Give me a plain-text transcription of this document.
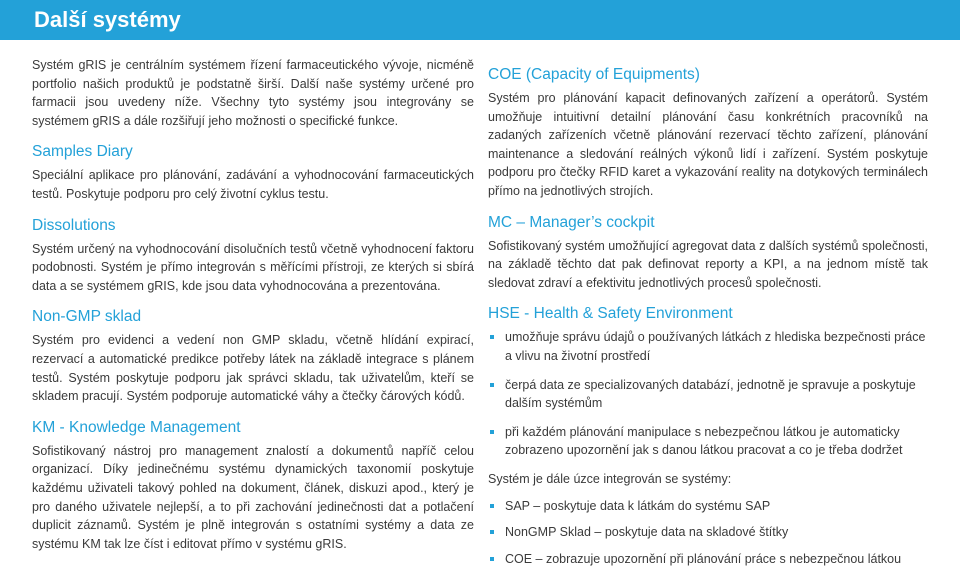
Další systémy

Systém gRIS je centrálním systémem řízení farmaceutického vývoje, nicméně portfolio našich produktů je podstatně širší. Další naše systémy určené pro farmacii jsou uvedeny níže. Všechny tyto systémy jsou integrovány se systémem gRIS a dále rozšiřují jeho možnosti o specifické funkce.

Samples Diary

Speciální aplikace pro plánování, zadávání a vyhodnocování farmaceutických testů. Poskytuje podporu pro celý životní cyklus testu.

Dissolutions

Systém určený na vyhodnocování disolučních testů včetně vyhodnocení faktoru podobnosti. Systém je přímo integrován s měřícími přístroji, ze kterých si sbírá data a se systémem gRIS, kde jsou data vyhodnocována a prezentována.

Non-GMP sklad

Systém pro evidenci a vedení non GMP skladu, včetně hlídání expirací, rezervací a automatické predikce potřeby látek na základě integrace s plánem testů. Systém poskytuje podporu jak správci skladu, tak uživatelům, kteří se skladem pracují. Systém podporuje automatické váhy a čtečky čárových kódů.

KM - Knowledge Management

Sofistikovaný nástroj pro management znalostí a dokumentů napříč celou organizací. Díky jedinečnému systému dynamických taxonomií poskytuje každému uživateli takový pohled na dokument, článek, diskuzi apod., který je pro daného uživatele nejlepší, a to při zachování jedinečnosti dat a potlačení duplicit záznamů. Systém je plně integrován s ostatními systémy a data ze systému KM tak lze číst i editovat přímo v systému gRIS.

COE (Capacity of Equipments)

Systém pro plánování kapacit definovaných zařízení a operátorů. Systém umožňuje intuitivní detailní plánování času konkrétních pracovníků na zadaných zařízeních včetně plánování rezervací těchto zařízení, plánování maintenance a sledování reálných výkonů lidí i zařízení. Systém poskytuje podporu pro čtečky RFID karet a vykazování reality na dotykových terminálech přímo na jednotlivých strojích.

MC – Manager’s cockpit

Sofistikovaný systém umožňující agregovat data z dalších systémů společnosti, na základě těchto dat pak definovat reporty a KPI, a na jednom místě tak sledovat zdraví a efektivitu jednotlivých procesů společnosti.

HSE - Health & Safety Environment
umožňuje správu údajů o používaných látkách z hlediska bezpečnosti práce a vlivu na životní prostředí
čerpá data ze specializovaných databází, jednotně je spravuje a poskytuje dalším systémům
při každém plánování manipulace s nebezpečnou látkou je automaticky zobrazeno upozornění jak s danou látkou pracovat a co je třeba dodržet

Systém je dále úzce integrován se systémy:

SAP – poskytuje data k látkám do systému SAP
NonGMP Sklad – poskytuje data na skladové štítky
COE – zobrazuje upozornění při plánování práce s nebezpečnou látkou
